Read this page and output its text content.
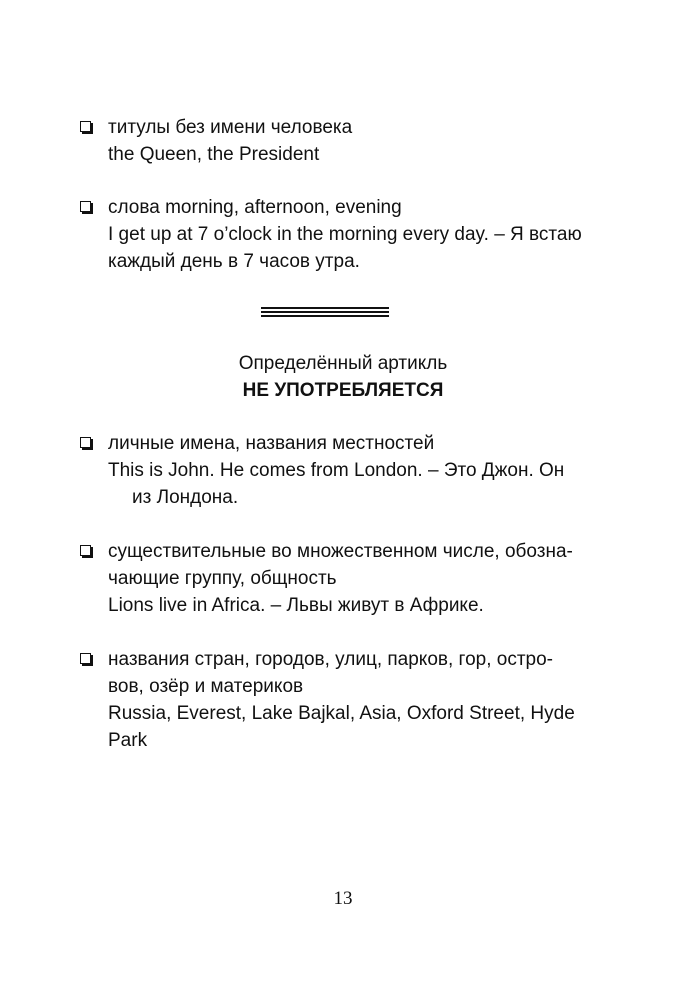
титулы без имени человека
the Queen, the President
слова morning, afternoon, evening
I get up at 7 o’clock in the morning every day. – Я встаю
каждый день в 7 часов утра.
Определённый артикль
НЕ УПОТРЕБЛЯЕТСЯ
личные имена, названия местностей
This is John. He comes from London. – Это Джон. Он
из Лондона.
существительные во множественном числе, обозна-
чающие группу, общность
Lions live in Africa. – Львы живут в Африке.
названия стран, городов, улиц, парков, гор, остро-
вов, озёр и материков
Russia, Everest, Lake Bajkal, Asia, Oxford Street, Hyde
Park
13
